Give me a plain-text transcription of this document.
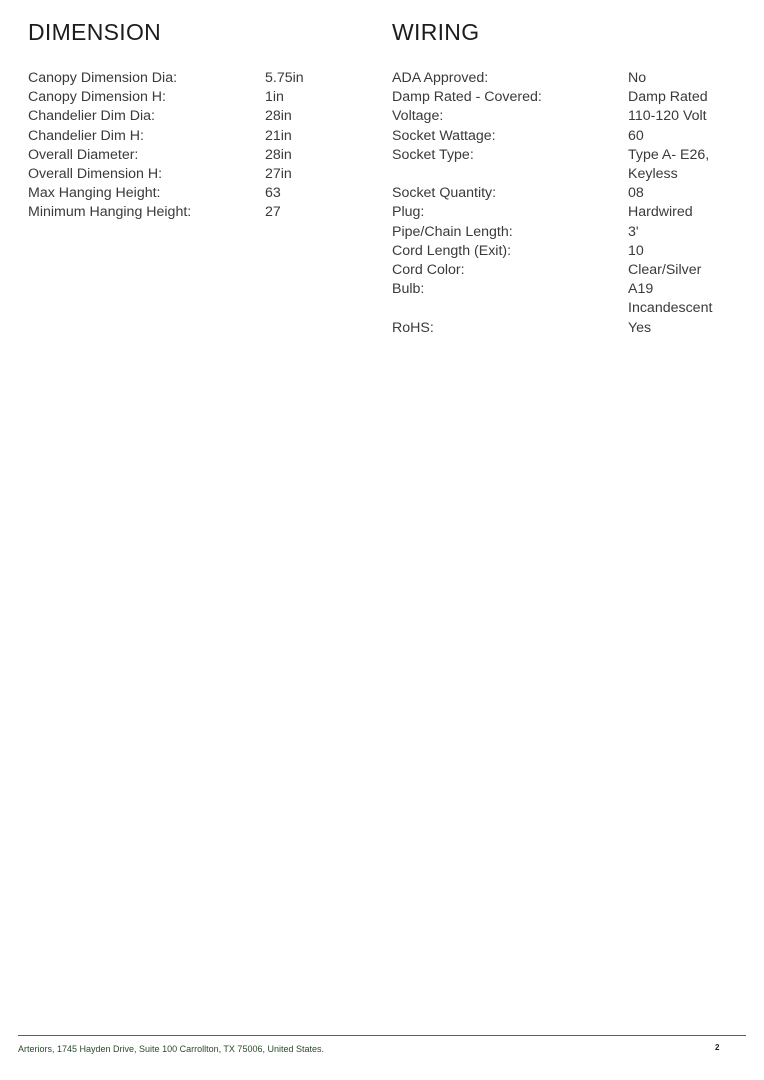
DIMENSION
Canopy Dimension Dia:	5.75in
Canopy Dimension H:	1in
Chandelier Dim Dia:	28in
Chandelier Dim H:	21in
Overall Diameter:	28in
Overall Dimension H:	27in
Max Hanging Height:	63
Minimum Hanging Height:	27
WIRING
ADA Approved:	No
Damp Rated - Covered:	Damp Rated
Voltage:	110-120 Volt
Socket Wattage:	60
Socket Type:	Type A- E26,
Keyless
Socket Quantity:	08
Plug:	Hardwired
Pipe/Chain Length:	3'
Cord Length (Exit):	10
Cord Color:	Clear/Silver
Bulb:	A19
Incandescent
RoHS:	Yes
Arteriors, 1745 Hayden Drive, Suite 100 Carrollton, TX 75006, United States.	2
